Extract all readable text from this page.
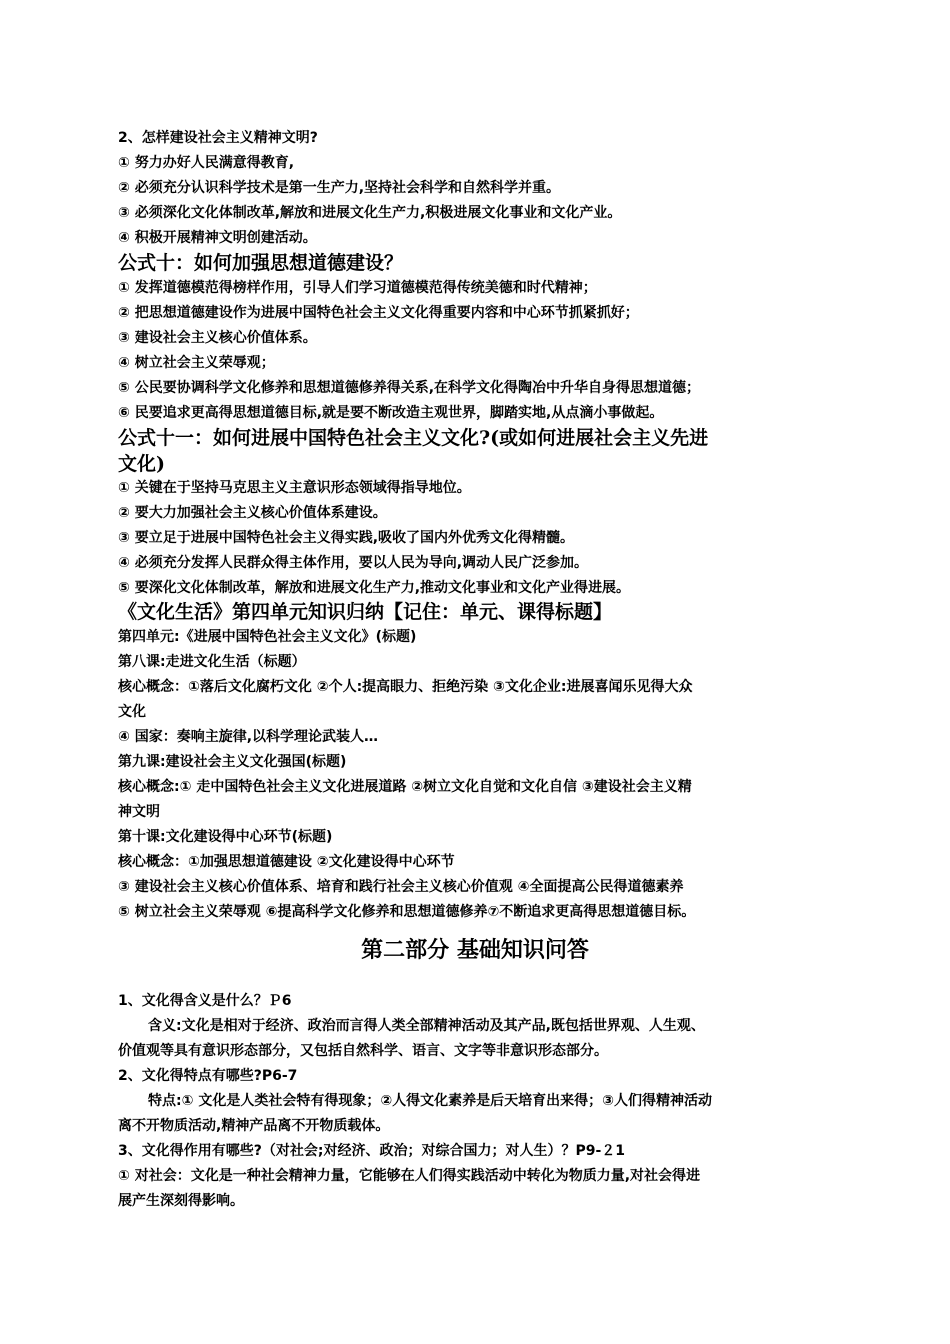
2、怎样建设社会主义精神文明?
① 努力办好人民满意得教育,
② 必须充分认识科学技术是第一生产力,坚持社会科学和自然科学并重。
③ 必须深化文化体制改革,解放和进展文化生产力,积极进展文化事业和文化产业。
④ 积极开展精神文明创建活动。
公式十：如何加强思想道德建设？
① 发挥道德模范得榜样作用，引导人们学习道德模范得传统美德和时代精神；
② 把思想道德建设作为进展中国特色社会主义文化得重要内容和中心环节抓紧抓好；
③ 建设社会主义核心价值体系。
④ 树立社会主义荣辱观；
⑤ 公民要协调科学文化修养和思想道德修养得关系,在科学文化得陶冶中升华自身得思想道德；
⑥ 民要追求更高得思想道德目标,就是要不断改造主观世界，脚踏实地,从点滴小事做起。
公式十一：如何进展中国特色社会主义文化?(或如何进展社会主义先进
文化)
① 关键在于坚持马克思主义主意识形态领域得指导地位。
② 要大力加强社会主义核心价值体系建设。
③ 要立足于进展中国特色社会主义得实践,吸收了国内外优秀文化得精髓。
④ 必须充分发挥人民群众得主体作用，要以人民为导向,调动人民广泛参加。
⑤ 要深化文化体制改革，解放和进展文化生产力,推动文化事业和文化产业得进展。
《文化生活》第四单元知识归纳【记住：单元、课得标题】
第四单元:《进展中国特色社会主义文化》(标题)
第八课:走进文化生活（标题）
核心概念：①落后文化腐朽文化 ②个人:提高眼力、拒绝污染 ③文化企业:进展喜闻乐见得大众
文化
④ 国家：奏响主旋律,以科学理论武装人…
第九课:建设社会主义文化强国(标题)
核心概念:① 走中国特色社会主义文化进展道路 ②树立文化自觉和文化自信 ③建设社会主义精
神文明
第十课:文化建设得中心环节(标题)
核心概念：①加强思想道德建设 ②文化建设得中心环节
③ 建设社会主义核心价值体系、培育和践行社会主义核心价值观 ④全面提高公民得道德素养
⑤ 树立社会主义荣辱观 ⑥提高科学文化修养和思想道德修养⑦不断追求更高得思想道德目标。
第二部分 基础知识问答
1、文化得含义是什么？Ｐ6
含义:文化是相对于经济、政治而言得人类全部精神活动及其产品,既包括世界观、人生观、
价值观等具有意识形态部分，又包括自然科学、语言、文字等非意识形态部分。
2、文化得特点有哪些?P6-7
特点:① 文化是人类社会特有得现象；②人得文化素养是后天培育出来得；③人们得精神活动
离不开物质活动,精神产品离不开物质载体。
3、文化得作用有哪些?（对社会;对经济、政治；对综合国力；对人生）？P9-２1
① 对社会：文化是一种社会精神力量，它能够在人们得实践活动中转化为物质力量,对社会得进
展产生深刻得影响。
